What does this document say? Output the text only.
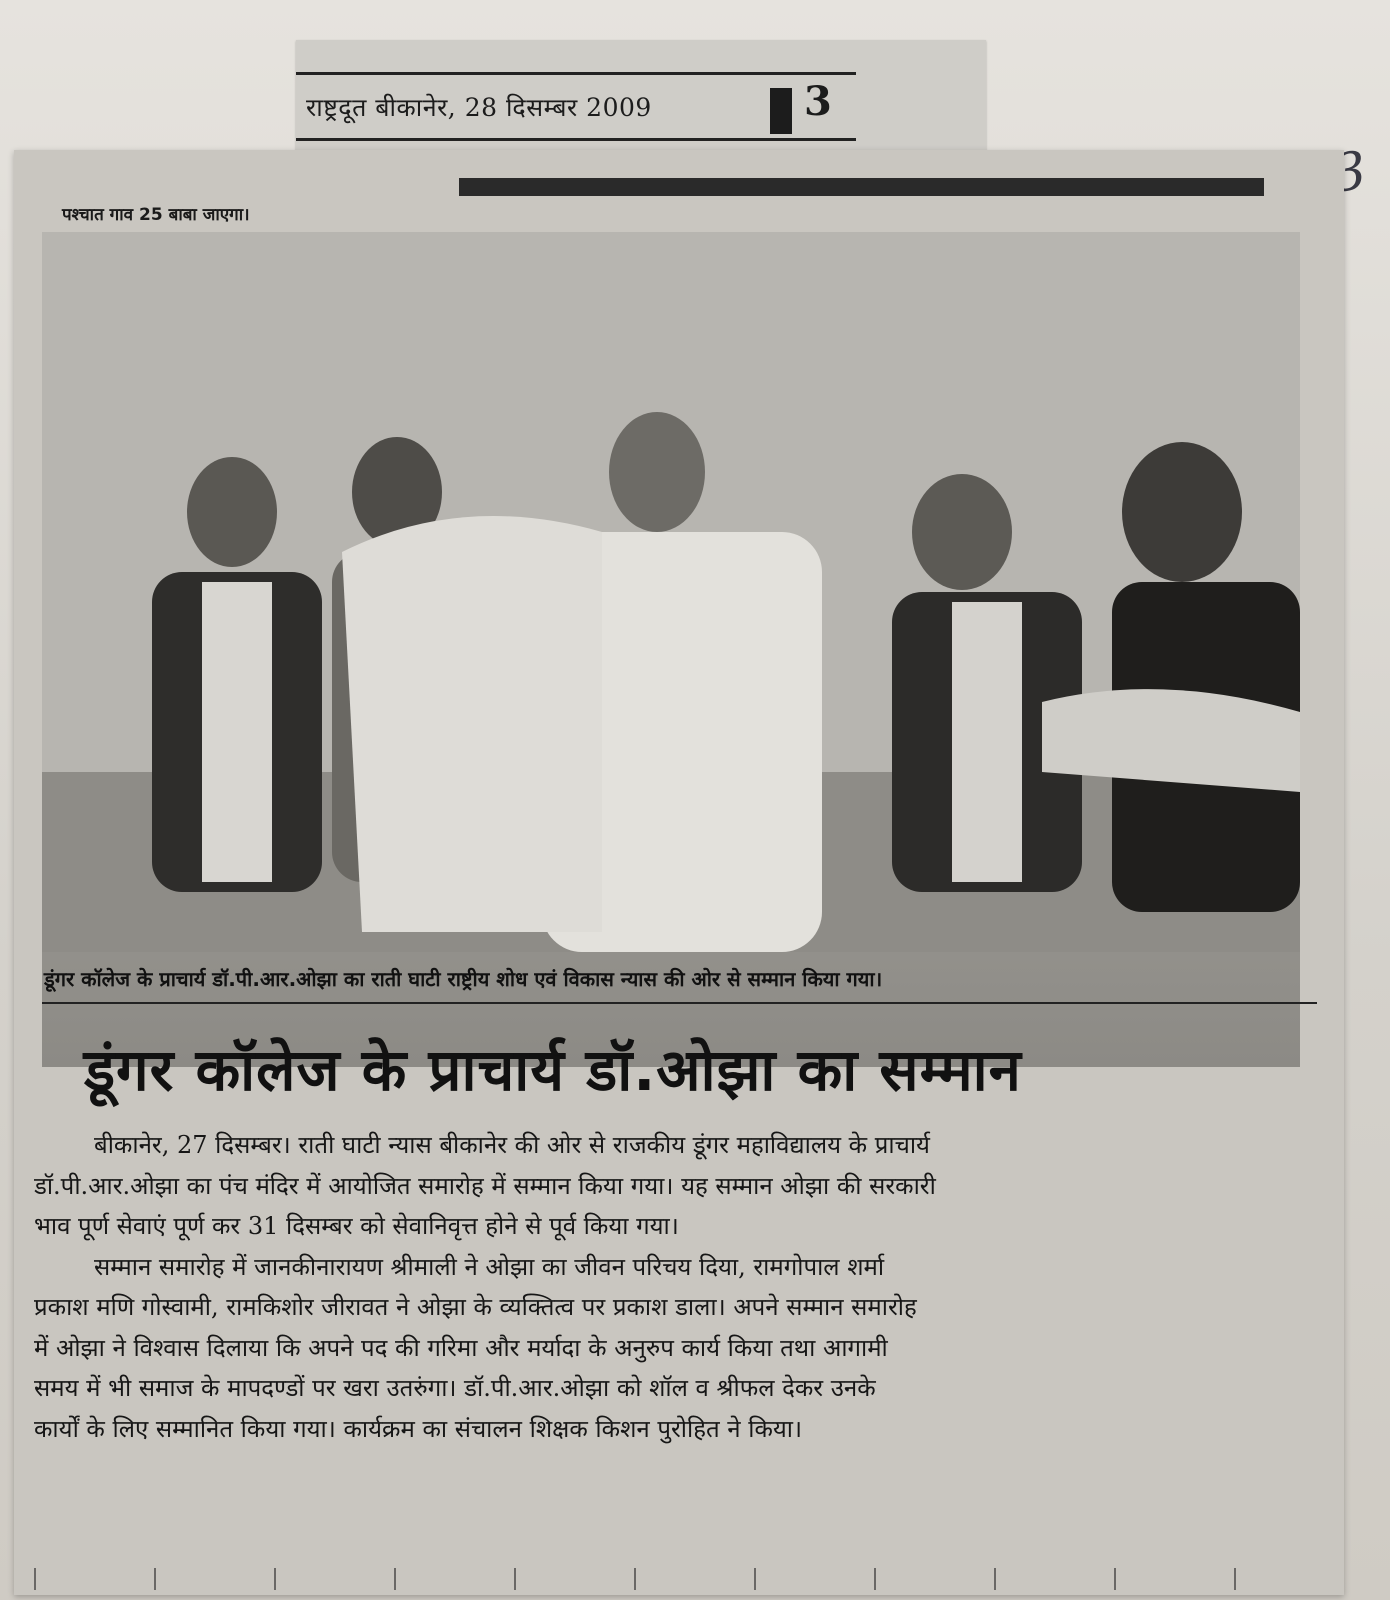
राष्ट्रदूत बीकानेर, 28 दिसम्बर 2009	3
पश्चात गाव 25 बाबा जाएगा।
डूंगर कॉलेज के प्राचार्य डॉ.पी.आर.ओझा का राती घाटी राष्ट्रीय शोध एवं विकास न्यास की ओर से सम्मान किया गया।
डूंगर कॉलेज के प्राचार्य डॉ.ओझा का सम्मान
बीकानेर, 27 दिसम्बर। राती घाटी न्यास बीकानेर की ओर से राजकीय डूंगर महाविद्यालय के प्राचार्य
डॉ.पी.आर.ओझा का पंच मंदिर में आयोजित समारोह में सम्मान किया गया। यह सम्मान ओझा की सरकारी
भाव पूर्ण सेवाएं पूर्ण कर 31 दिसम्बर को सेवानिवृत्त होने से पूर्व किया गया।
सम्मान समारोह में जानकीनारायण श्रीमाली ने ओझा का जीवन परिचय दिया, रामगोपाल शर्मा
प्रकाश मणि गोस्वामी, रामकिशोर जीरावत ने ओझा के व्यक्तित्व पर प्रकाश डाला। अपने सम्मान समारोह
में ओझा ने विश्वास दिलाया कि अपने पद की गरिमा और मर्यादा के अनुरुप कार्य किया तथा आगामी
समय में भी समाज के मापदण्डों पर खरा उतरुंगा। डॉ.पी.आर.ओझा को शॉल व श्रीफल देकर उनके
कार्यों के लिए सम्मानित किया गया। कार्यक्रम का संचालन शिक्षक किशन पुरोहित ने किया।
